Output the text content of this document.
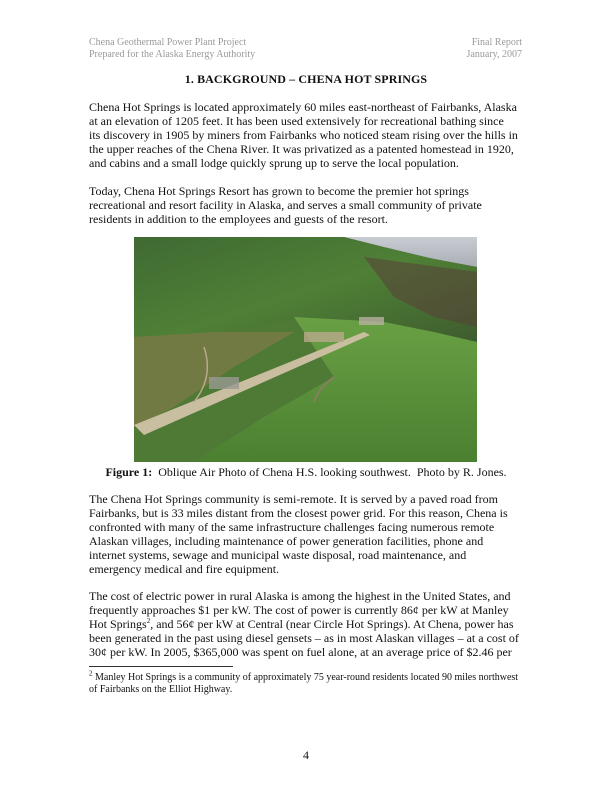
Chena Geothermal Power Plant Project
Prepared for the Alaska Energy Authority
Final Report
January, 2007
1. BACKGROUND – CHENA HOT SPRINGS
Chena Hot Springs is located approximately 60 miles east-northeast of Fairbanks, Alaska
at an elevation of 1205 feet. It has been used extensively for recreational bathing since
its discovery in 1905 by miners from Fairbanks who noticed steam rising over the hills in
the upper reaches of the Chena River. It was privatized as a patented homestead in 1920,
and cabins and a small lodge quickly sprung up to serve the local population.
Today, Chena Hot Springs Resort has grown to become the premier hot springs
recreational and resort facility in Alaska, and serves a small community of private
residents in addition to the employees and guests of the resort.
Figure 1:  Oblique Air Photo of Chena H.S. looking southwest.  Photo by R. Jones.
The Chena Hot Springs community is semi-remote. It is served by a paved road from
Fairbanks, but is 33 miles distant from the closest power grid. For this reason, Chena is
confronted with many of the same infrastructure challenges facing numerous remote
Alaskan villages, including maintenance of power generation facilities, phone and
internet systems, sewage and municipal waste disposal, road maintenance, and
emergency medical and fire equipment.
The cost of electric power in rural Alaska is among the highest in the United States, and
frequently approaches $1 per kW. The cost of power is currently 86¢ per kW at Manley
Hot Springs$^2$, and 56¢ per kW at Central (near Circle Hot Springs). At Chena, power has
been generated in the past using diesel gensets – as in most Alaskan villages – at a cost of
30¢ per kW. In 2005, $365,000 was spent on fuel alone, at an average price of $2.46 per
$^2$ Manley Hot Springs is a community of approximately 75 year-round residents located 90 miles northwest
of Fairbanks on the Elliot Highway.
4
